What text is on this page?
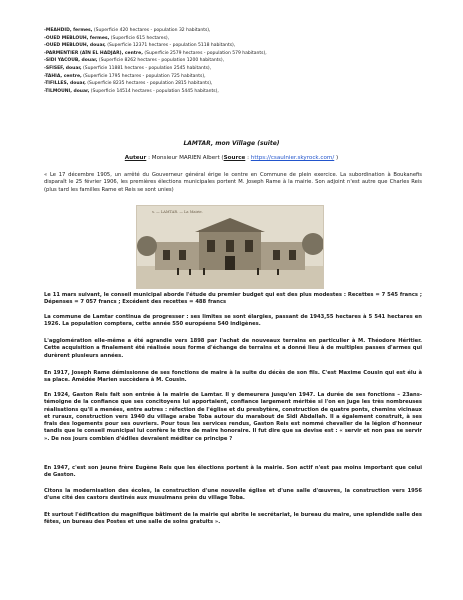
-MEAHDID, fermes, (Superficie 420 hectares - population 32 habitants),
-OUED MEBLOUH, fermes, (Superficie 615 hectares),
-OUED MEBLOUH, douar, (Superficie 12371 hectares - population 5118 habitants),
-PARMENTIER (AÏN EL HADJAR), centre, (Superficie 2579 hectares - population 579 habitants),
-SIDI YACOUB, douar, (Superficie 8262 hectares - population 1200 habitants),
-SFISEF, douar, (Superficie 11881 hectares - population 2545 habitants),
-TAHIA, centre, (Superficie 1795 hectares - population 725 habitants),
-TIFILLES, douar, (Superficie 8235 hectares - population 2815 habitants),
-TILMOUNI, douar, (Superficie 14514 hectares - population 5445 habitants),
LAMTAR, mon Village (suite)
Auteur : Monsieur MARIEN Albert (Source : https://csaulnier.skyrock.com/ )

« Le 17 décembre 1905, un arrêté du Gouverneur général érige le centre en Commune de plein exercice. La subordination à Boukanefis disparaît le 25 février 1906, les premières élections municipales portent M. Joseph Rame à la mairie. Son adjoint n'est autre que Charles Reis (plus tard les familles Rame et Reis se sont unies)

s. — LAMTAR. — La Mairie.

Le 11 mars suivant, le conseil municipal aborde l'étude du premier budget qui est des plus modestes : Recettes = 7 545 francs ; Dépenses = 7 057 francs ; Excédent des recettes = 488 francs

La commune de Lamtar continua de progresser : ses limites se sont élargies, passant de 1943,55 hectares à 5 541 hectares en 1926. La population comptera, cette année 550 européens 540 indigènes.

L'agglomération elle-même a été agrandie vers 1898 par l'achat de nouveaux terrains en particulier à M. Théodore Héritier. Cette acquisition a finalement été réalisée sous forme d'échange de terrains et a donné lieu à de multiples passes d'armes qui durèrent plusieurs années.

En 1917, Joseph Rame démissionne de ses fonctions de maire à la suite du décès de son fils. C'est Maxime Cousin qui est élu à sa place. Amédée Marien succèdera à M. Cousin.

En 1924, Gaston Reis fait son entrée à la mairie de Lamtar. Il y demeurera jusqu'en 1947. La durée de ses fonctions – 23ans- témoigne de la confiance que ses concitoyens lui apportaient, confiance largement méritée si l'on en juge les très nombreuses réalisations qu'il a menées, entre autres : réfection de l'église et du presbytère, construction de quatre ponts, chemins vicinaux et ruraux, construction vers 1940 du village arabe Toba autour du marabout de Sidi Abdallah. Il a également construit, à ses frais des logements pour ses ouvriers. Pour tous les services rendus, Gaston Reis est nommé chevalier de la légion d'honneur tandis que le conseil municipal lui confère le titre de maire honoraire. Il fut dire que sa devise est : « servir et non pas se servir ». De nos jours combien d'édiles devraient méditer ce principe ?

En 1947, c'est son jeune frère Eugène Reis que les élections portent à la mairie. Son actif n'est pas moins important que celui de Gaston.

Citons la modernisation des écoles, la construction d'une nouvelle église et d'une salle d'œuvres, la construction vers 1956 d'une cité des castors destinés aux musulmans près du village Toba.

Et surtout l'édification du magnifique bâtiment de la mairie qui abrite le secrétariat, le bureau du maire, une splendide salle des fêtes, un bureau des Postes et une salle de soins gratuits ».
